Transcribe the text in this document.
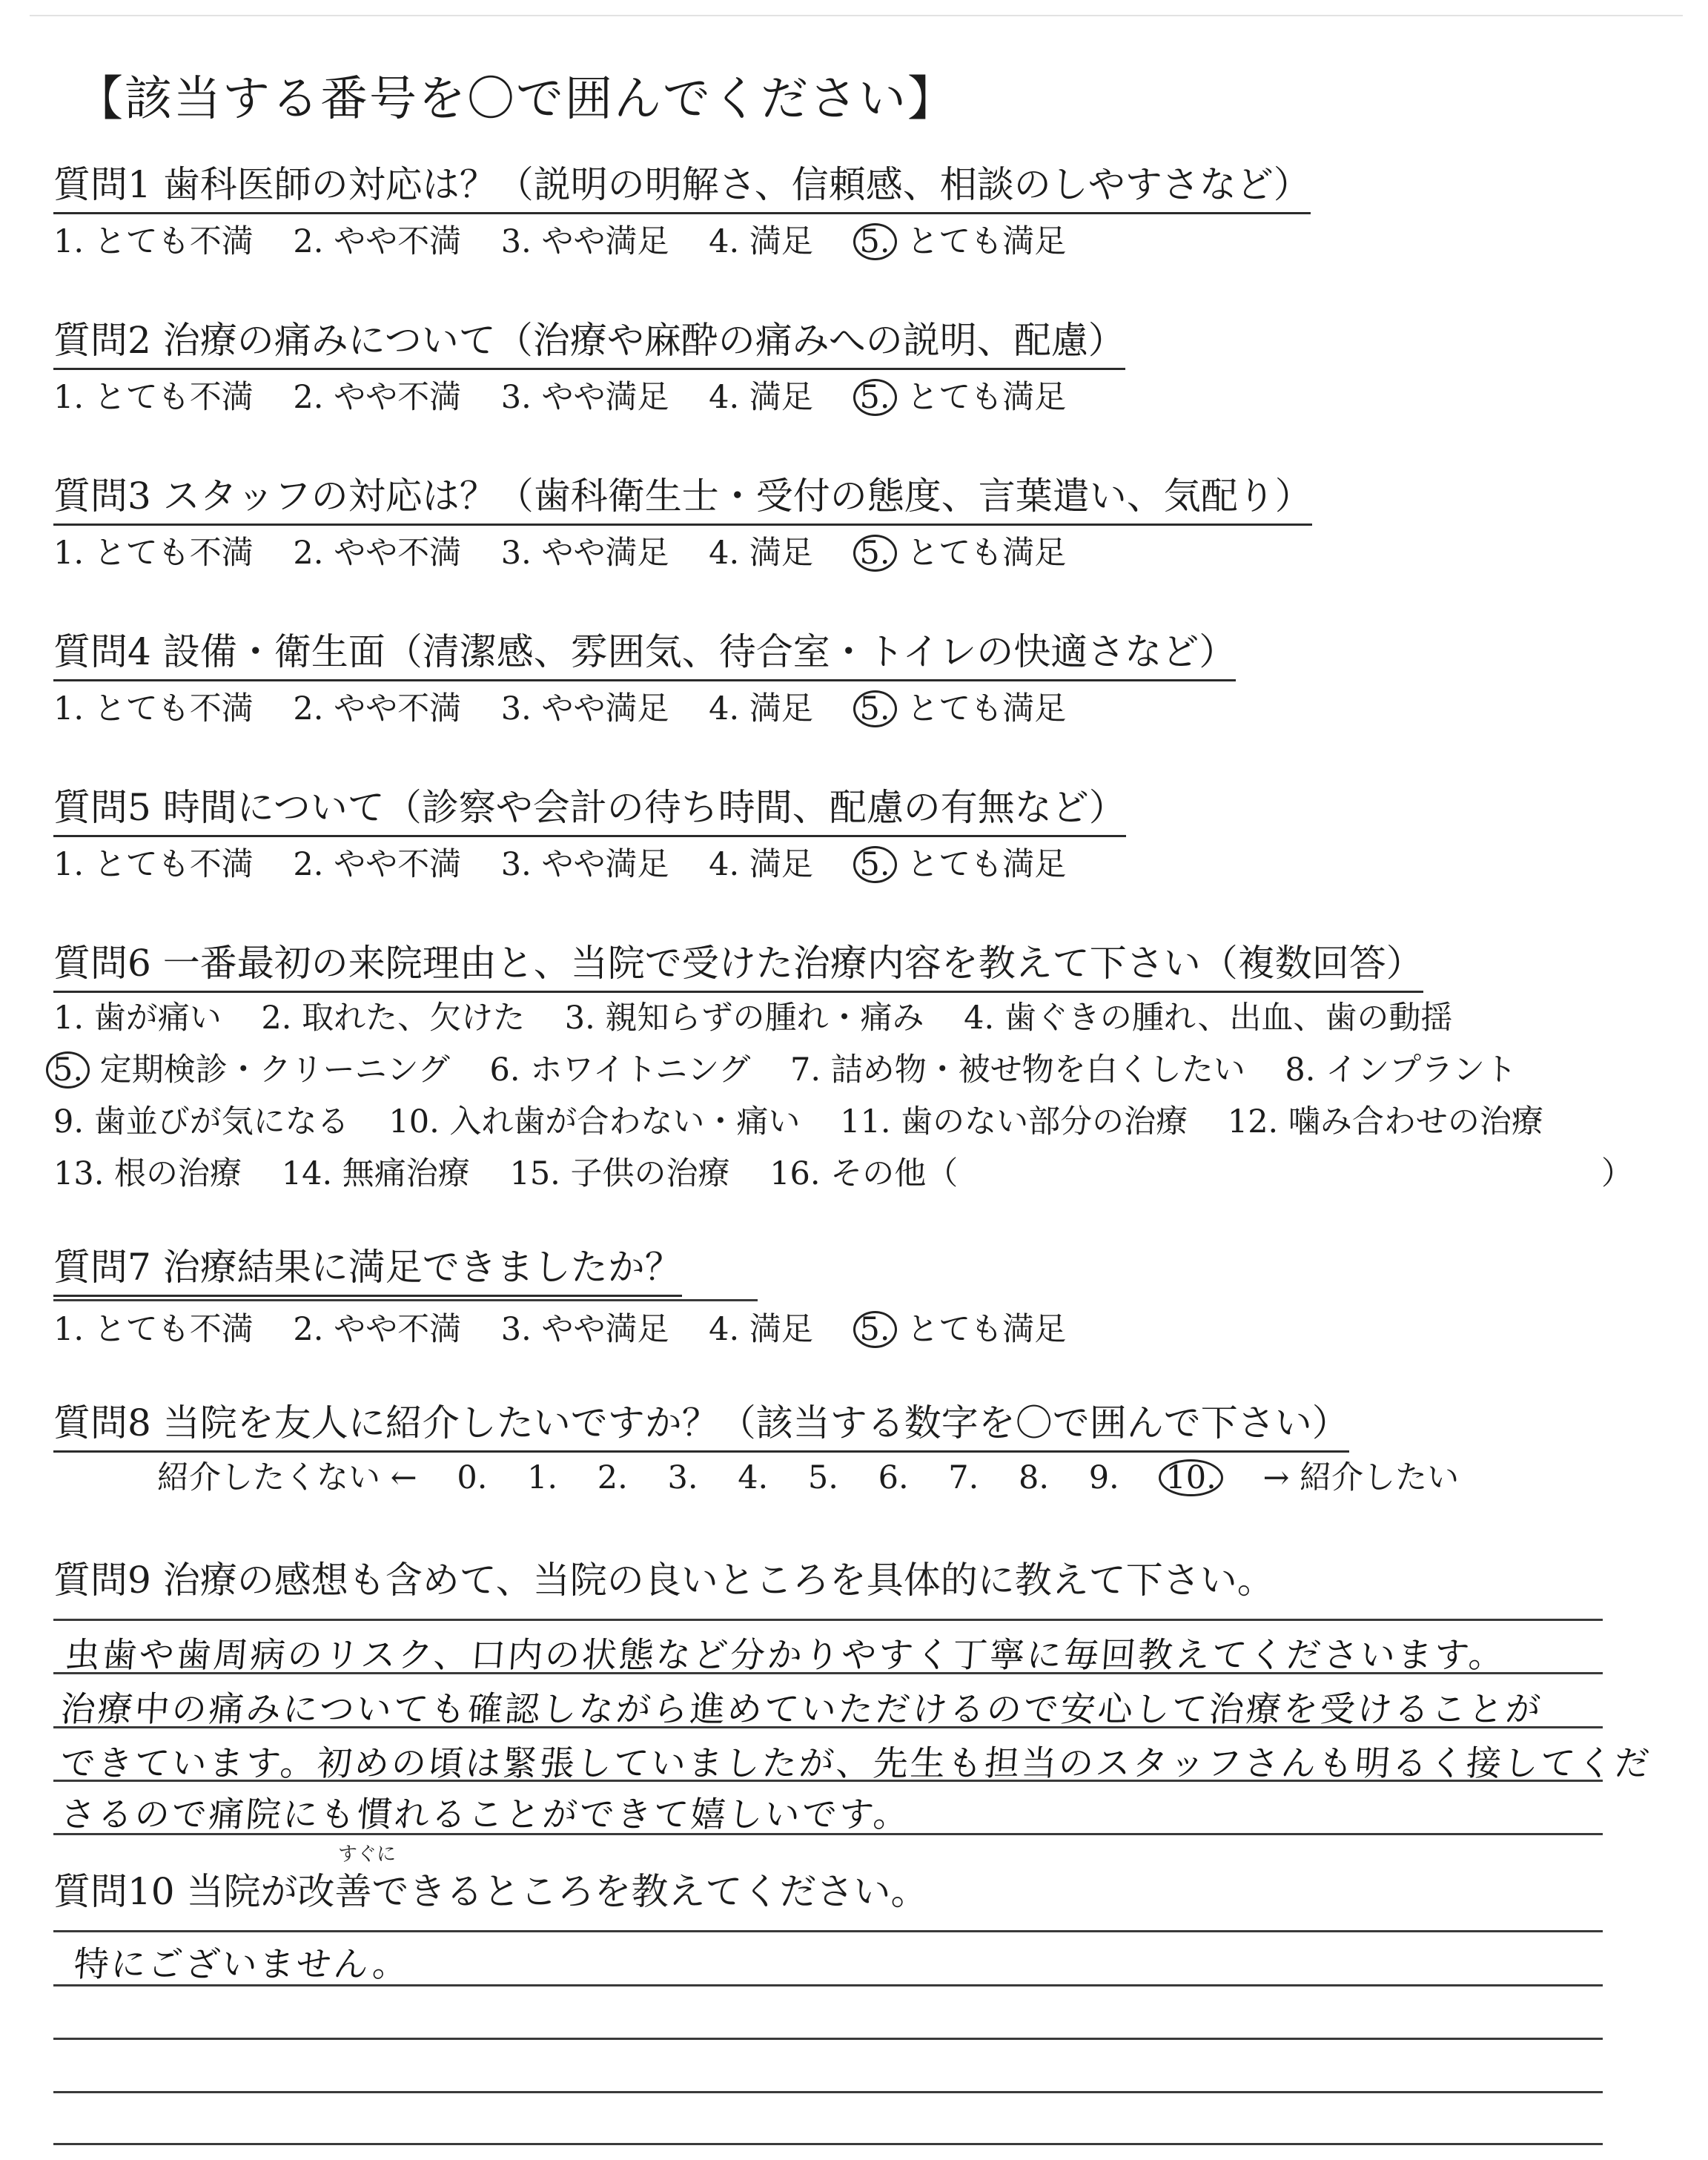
【該当する番号を〇で囲んでください】
質問1 歯科医師の対応は？（説明の明解さ、信頼感、相談のしやすさなど）
1. とても不満 2. やや不満 3. やや満足 4. 満足 5. とても満足
質問2 治療の痛みについて（治療や麻酔の痛みへの説明、配慮）
1. とても不満 2. やや不満 3. やや満足 4. 満足 5. とても満足
質問3 スタッフの対応は？（歯科衛生士・受付の態度、言葉遣い、気配り）
1. とても不満 2. やや不満 3. やや満足 4. 満足 5. とても満足
質問4 設備・衛生面（清潔感、雰囲気、待合室・トイレの快適さなど）
1. とても不満 2. やや不満 3. やや満足 4. 満足 5. とても満足
質問5 時間について（診察や会計の待ち時間、配慮の有無など）
1. とても不満 2. やや不満 3. やや満足 4. 満足 5. とても満足
質問6 一番最初の来院理由と、当院で受けた治療内容を教えて下さい（複数回答）
1. 歯が痛い 2. 取れた、欠けた 3. 親知らずの腫れ・痛み 4. 歯ぐきの腫れ、出血、歯の動揺
5. 定期検診・クリーニング 6. ホワイトニング 7. 詰め物・被せ物を白くしたい 8. インプラント
9. 歯並びが気になる 10. 入れ歯が合わない・痛い 11. 歯のない部分の治療 12. 噛み合わせの治療
13. 根の治療 14. 無痛治療 15. 子供の治療 16. その他（	）
質問7 治療結果に満足できましたか？
1. とても不満 2. やや不満 3. やや満足 4. 満足 5. とても満足
質問8 当院を友人に紹介したいですか？（該当する数字を〇で囲んで下さい）
紹介したくない ← 0. 1. 2. 3. 4. 5. 6. 7. 8. 9. 10. → 紹介したい
質問9 治療の感想も含めて、当院の良いところを具体的に教えて下さい。
虫歯や歯周病のリスク、口内の状態など分かりやすく丁寧に毎回教えてくださいます。
治療中の痛みについても確認しながら進めていただけるので安心して治療を受けることが
できています。初めの頃は緊張していましたが、先生も担当のスタッフさんも明るく接してくだ
さるので痛院にも慣れることができて嬉しいです。
すぐに
質問10 当院が改善できるところを教えてください。
特にございません。
